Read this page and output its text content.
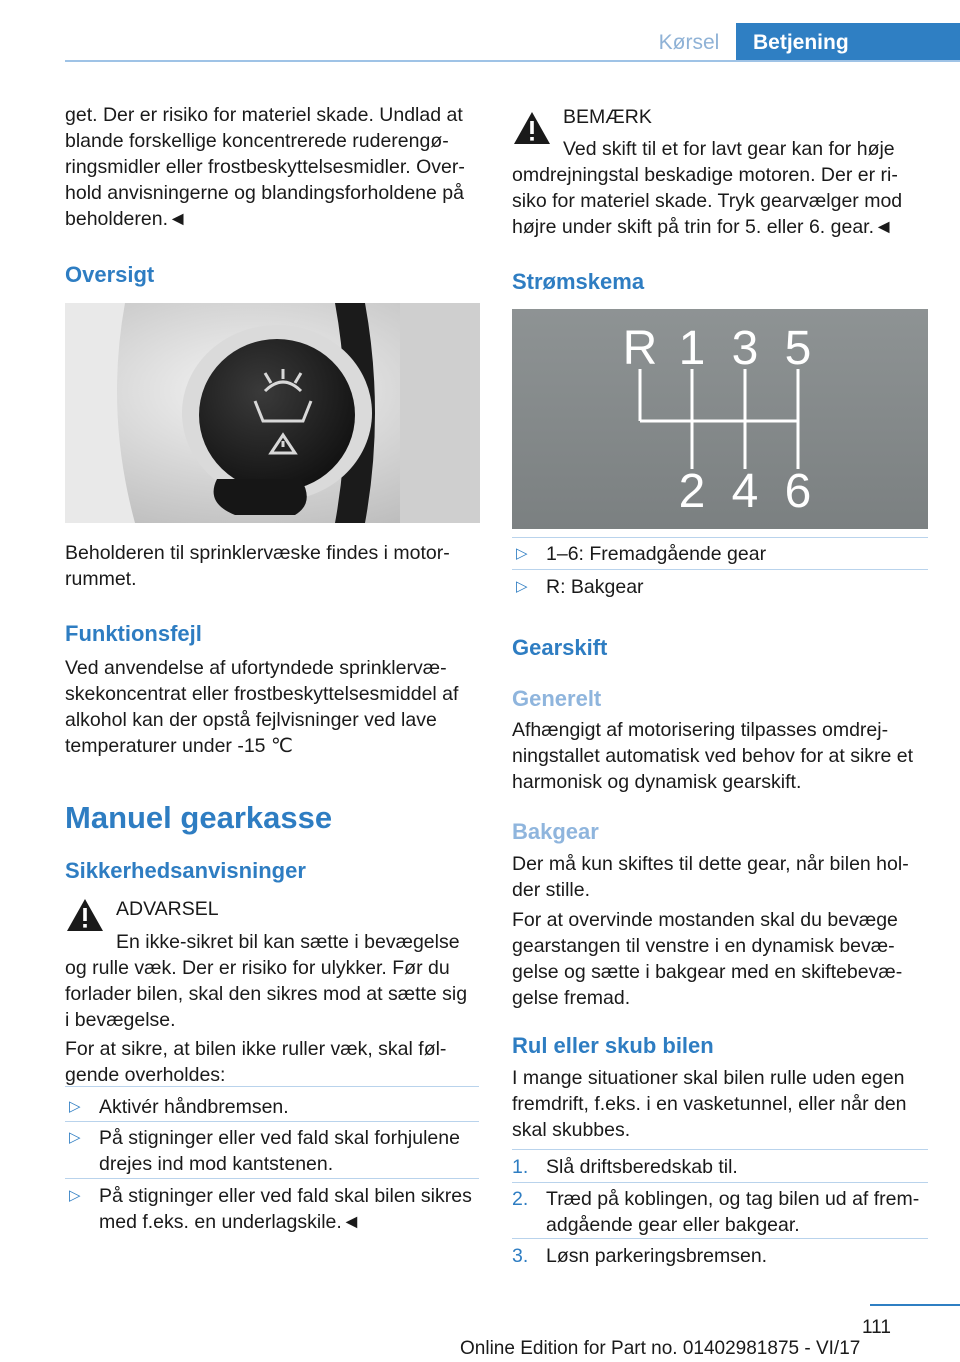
Kørsel	Betjening
get. Der er risiko for materiel skade. Undlad at
blande forskellige koncentrerede ruderengø-
ringsmidler eller frostbeskyttelsesmidler. Over-
hold anvisningerne og blandingsforholdene på
beholderen.◄
Oversigt
Beholderen til sprinklervæske findes i motor-
rummet.
Funktionsfejl
Ved anvendelse af ufortyndede sprinklervæ-
skekoncentrat eller frostbeskyttelsesmiddel af
alkohol kan der opstå fejlvisninger ved lave
temperaturer under -15 ℃
Manuel gearkasse
Sikkerhedsanvisninger
ADVARSEL
En ikke-sikret bil kan sætte i bevægelse
og rulle væk. Der er risiko for ulykker. Før du
forlader bilen, skal den sikres mod at sætte sig
i bevægelse.
For at sikre, at bilen ikke ruller væk, skal føl-
gende overholdes:
▷ Aktivér håndbremsen.
▷ På stigninger eller ved fald skal forhjulene
drejes ind mod kantstenen.
▷ På stigninger eller ved fald skal bilen sikres
med f.eks. en underlagskile.◄
BEMÆRK
Ved skift til et for lavt gear kan for høje
omdrejningstal beskadige motoren. Der er ri-
siko for materiel skade. Tryk gearvælger mod
højre under skift på trin for 5. eller 6. gear.◄
Strømskema
R 1 3 5
2 4 6
▷ 1–6: Fremadgående gear
▷ R: Bakgear
Gearskift
Generelt
Afhængigt af motorisering tilpasses omdrej-
ningstallet automatisk ved behov for at sikre et
harmonisk og dynamisk gearskift.
Bakgear
Der må kun skiftes til dette gear, når bilen hol-
der stille.
For at overvinde mostanden skal du bevæge
gearstangen til venstre i en dynamisk bevæ-
gelse og sætte i bakgear med en skiftebevæ-
gelse fremad.
Rul eller skub bilen
I mange situationer skal bilen rulle uden egen
fremdrift, f.eks. i en vasketunnel, eller når den
skal skubbes.
1. Slå driftsberedskab til.
2. Træd på koblingen, og tag bilen ud af frem-
adgående gear eller bakgear.
3. Løsn parkeringsbremsen.
111
Online Edition for Part no. 01402981875 - VI/17
